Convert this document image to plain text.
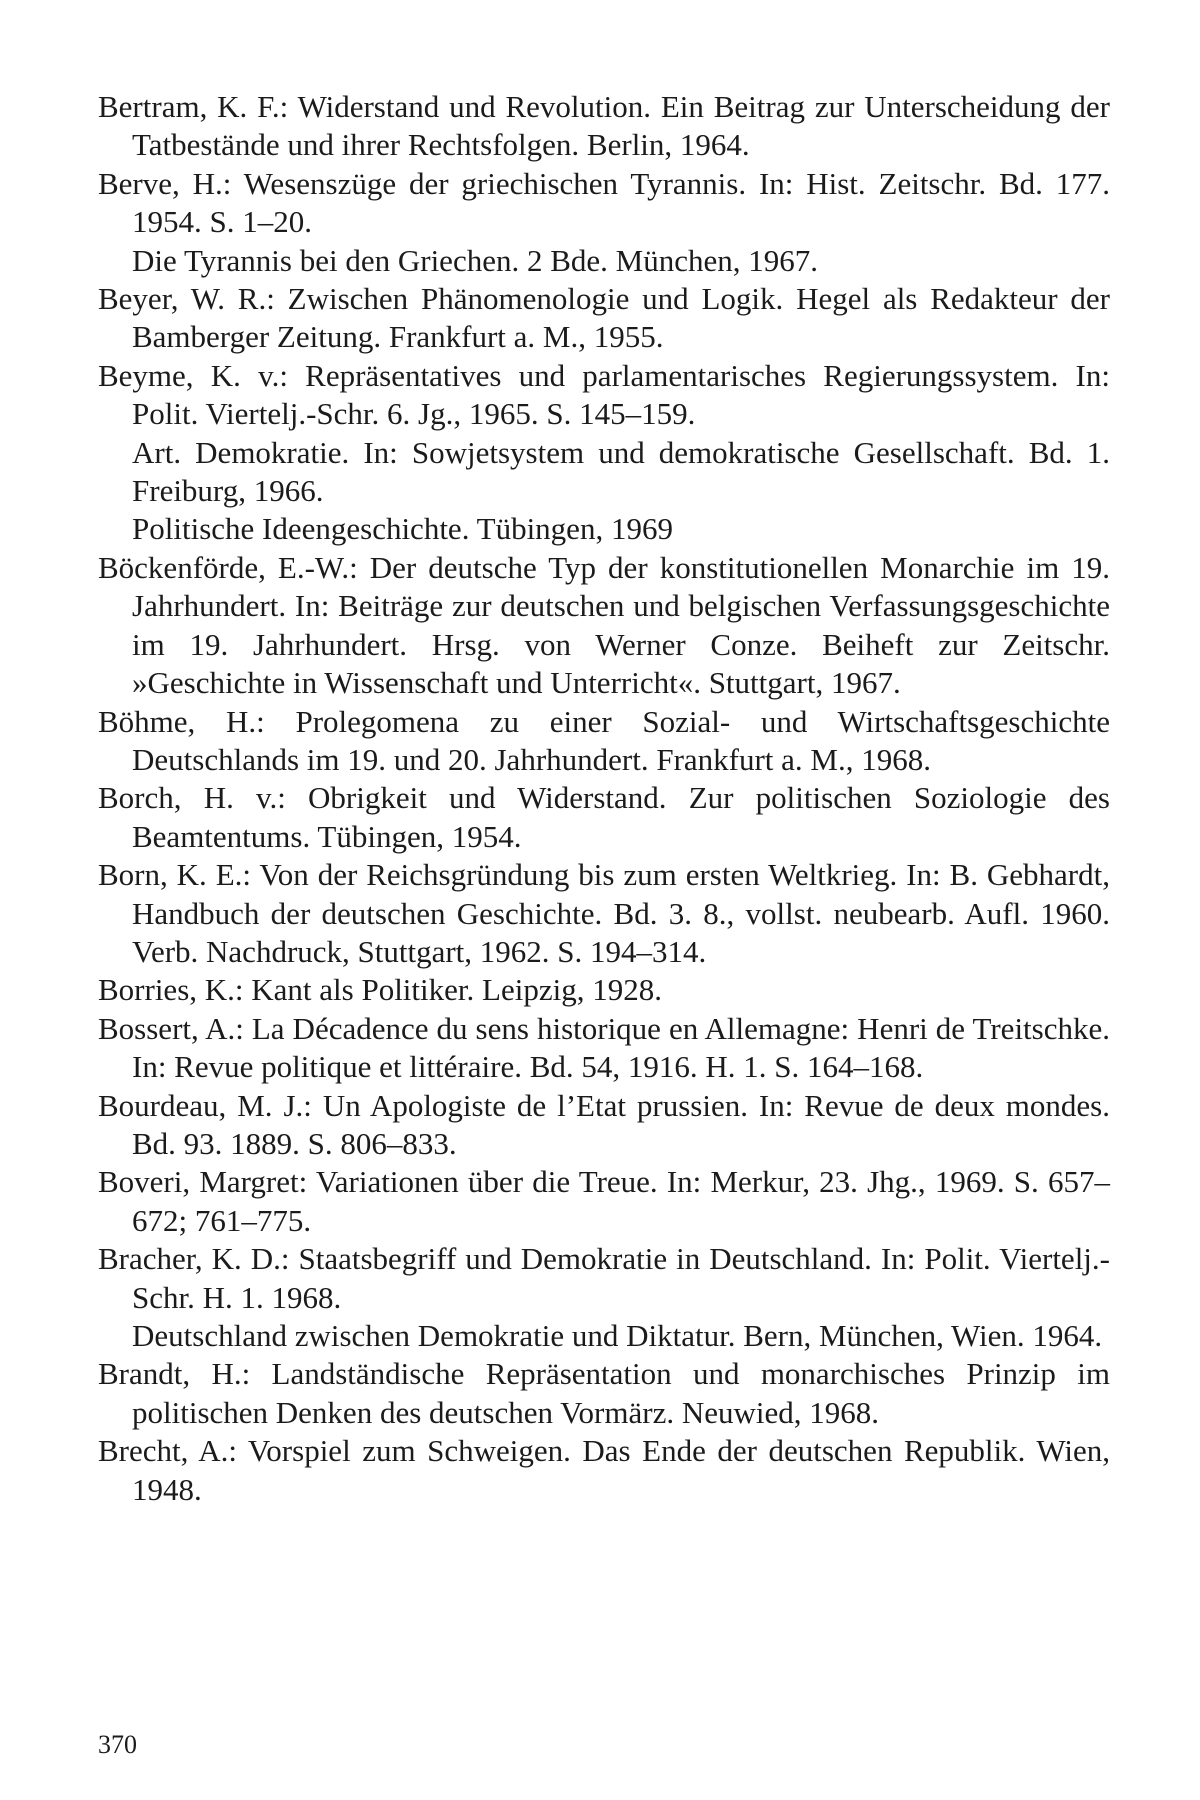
Bertram, K. F.: Widerstand und Revolution. Ein Beitrag zur Unterscheidung der Tatbestände und ihrer Rechtsfolgen. Berlin, 1964.

Berve, H.: Wesenszüge der griechischen Tyrannis. In: Hist. Zeitschr. Bd. 177. 1954. S. 1–20.

Die Tyrannis bei den Griechen. 2 Bde. München, 1967.

Beyer, W. R.: Zwischen Phänomenologie und Logik. Hegel als Redakteur der Bamberger Zeitung. Frankfurt a. M., 1955.

Beyme, K. v.: Repräsentatives und parlamentarisches Regierungssystem. In: Polit. Viertelj.-Schr. 6. Jg., 1965. S. 145–159.

Art. Demokratie. In: Sowjetsystem und demokratische Gesellschaft. Bd. 1. Freiburg, 1966.

Politische Ideengeschichte. Tübingen, 1969

Böckenförde, E.-W.: Der deutsche Typ der konstitutionellen Monarchie im 19. Jahrhundert. In: Beiträge zur deutschen und belgischen Verfassungsgeschichte im 19. Jahrhundert. Hrsg. von Werner Conze. Beiheft zur Zeitschr. »Geschichte in Wissenschaft und Unterricht«. Stuttgart, 1967.

Böhme, H.: Prolegomena zu einer Sozial- und Wirtschaftsgeschichte Deutschlands im 19. und 20. Jahrhundert. Frankfurt a. M., 1968.

Borch, H. v.: Obrigkeit und Widerstand. Zur politischen Soziologie des Beamtentums. Tübingen, 1954.

Born, K. E.: Von der Reichsgründung bis zum ersten Weltkrieg. In: B. Gebhardt, Handbuch der deutschen Geschichte. Bd. 3. 8., vollst. neubearb. Aufl. 1960. Verb. Nachdruck, Stuttgart, 1962. S. 194–314.

Borries, K.: Kant als Politiker. Leipzig, 1928.

Bossert, A.: La Décadence du sens historique en Allemagne: Henri de Treitschke. In: Revue politique et littéraire. Bd. 54, 1916. H. 1. S. 164–168.

Bourdeau, M. J.: Un Apologiste de l’Etat prussien. In: Revue de deux mondes. Bd. 93. 1889. S. 806–833.

Boveri, Margret: Variationen über die Treue. In: Merkur, 23. Jhg., 1969. S. 657–672; 761–775.

Bracher, K. D.: Staatsbegriff und Demokratie in Deutschland. In: Polit. Viertelj.-Schr. H. 1. 1968.

Deutschland zwischen Demokratie und Diktatur. Bern, München, Wien. 1964.

Brandt, H.: Landständische Repräsentation und monarchisches Prinzip im politischen Denken des deutschen Vormärz. Neuwied, 1968.

Brecht, A.: Vorspiel zum Schweigen. Das Ende der deutschen Republik. Wien, 1948.

370
